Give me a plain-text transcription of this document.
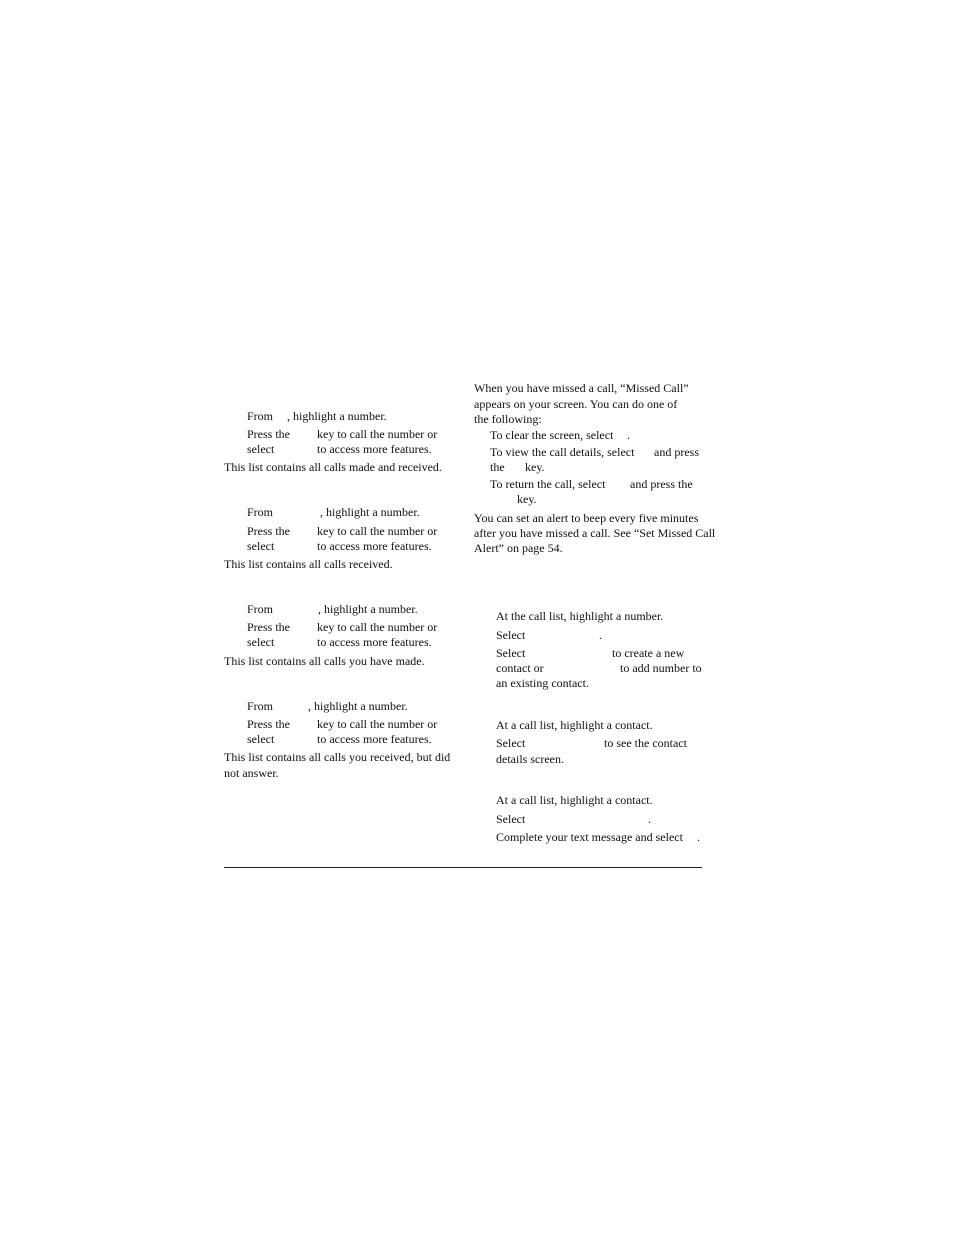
From , highlight a number.
Press the key to call the number or
select	to access more features.
This list contains all calls made and received.
From	, highlight a number.
Press the key to call the number or
select	to access more features.
This list contains all calls received.
From	, highlight a number.
Press the key to call the number or
select	to access more features.
This list contains all calls you have made.
From	, highlight a number.
Press the key to call the number or
select	to access more features.
This list contains all calls you received, but did
not answer.
When you have missed a call, “Missed Call”
appears on your screen. You can do one of
the following:
To clear the screen, select .
To view the call details, select and press
the key.
To return the call, select and press the
key.
You can set an alert to beep every five minutes
after you have missed a call. See “Set Missed Call
Alert” on page 54.
At the call list, highlight a number.
Select	.
Select	to create a new
contact or	to add number to
an existing contact.
At a call list, highlight a contact.
Select	to see the contact
details screen.
At a call list, highlight a contact.
Select	.
Complete your text message and select .
